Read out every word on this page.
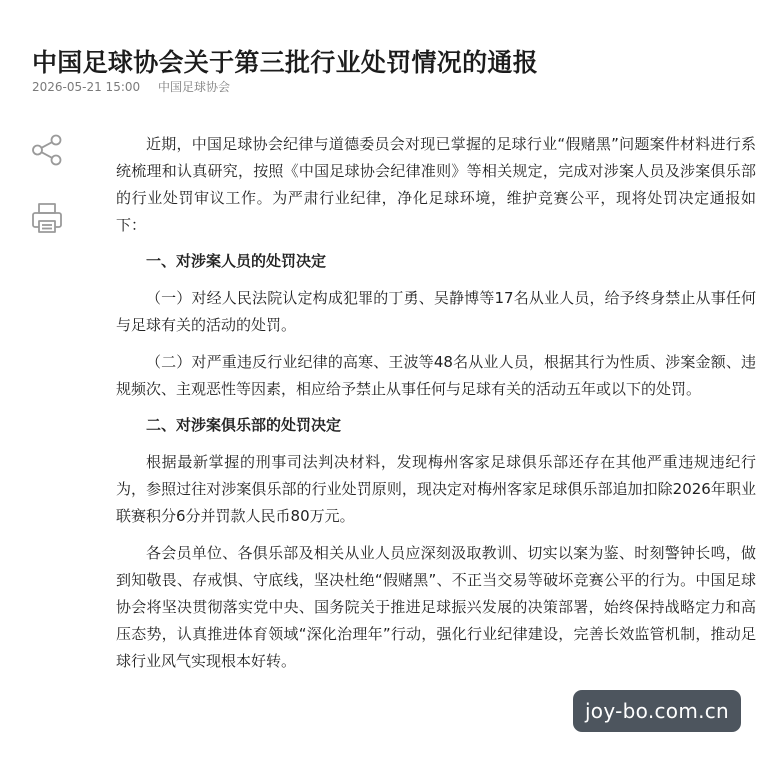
中国足球协会关于第三批行业处罚情况的通报
2026-05-21 15:00 中国足球协会

近期，中国足球协会纪律与道德委员会对现已掌握的足球行业“假赌黑”问题案件材料进行系统梳理和认真研究，按照《中国足球协会纪律准则》等相关规定，完成对涉案人员及涉案俱乐部的行业处罚审议工作。为严肃行业纪律，净化足球环境，维护竞赛公平，现将处罚决定通报如下：

一、对涉案人员的处罚决定

（一）对经人民法院认定构成犯罪的丁勇、吴静博等17名从业人员，给予终身禁止从事任何与足球有关的活动的处罚。

（二）对严重违反行业纪律的高寒、王波等48名从业人员，根据其行为性质、涉案金额、违规频次、主观恶性等因素，相应给予禁止从事任何与足球有关的活动五年或以下的处罚。

二、对涉案俱乐部的处罚决定

根据最新掌握的刑事司法判决材料，发现梅州客家足球俱乐部还存在其他严重违规违纪行为，参照过往对涉案俱乐部的行业处罚原则，现决定对梅州客家足球俱乐部追加扣除2026年职业联赛积分6分并罚款人民币80万元。

各会员单位、各俱乐部及相关从业人员应深刻汲取教训、切实以案为鉴、时刻警钟长鸣，做到知敬畏、存戒惧、守底线，坚决杜绝“假赌黑”、不正当交易等破坏竞赛公平的行为。中国足球协会将坚决贯彻落实党中央、国务院关于推进足球振兴发展的决策部署，始终保持战略定力和高压态势，认真推进体育领域“深化治理年”行动，强化行业纪律建设，完善长效监管机制，推动足球行业风气实现根本好转。

joy-bo.com.cn
